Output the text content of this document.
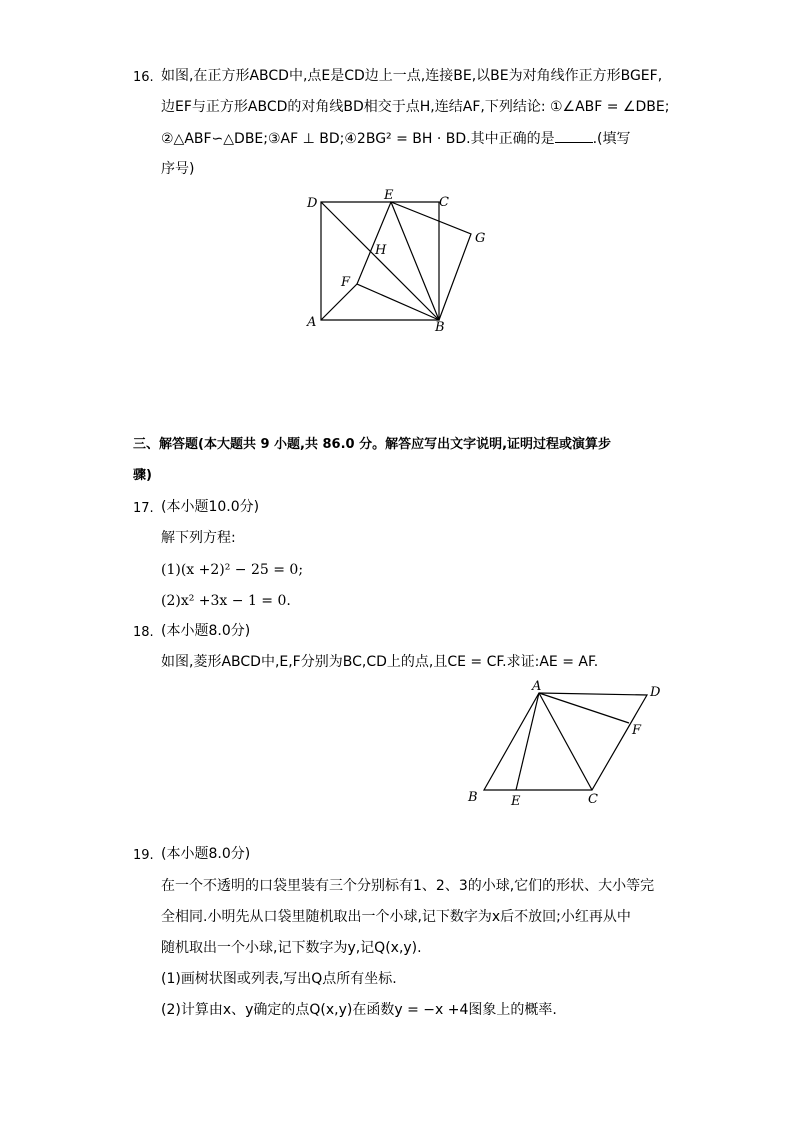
16. 如图,在正方形ABCD中,点E是CD边上一点,连接BE,以BE为对角线作正方形BGEF,
边EF与正方形ABCD的对角线BD相交于点H,连结AF,下列结论: ①∠ABF = ∠DBE;
②△ABF∽△DBE;③AF ⊥ BD;④2BG² = BH · BD.其中正确的是	.(填写
序号)
D
E	C
G
H
F
A	B
三、解答题(本大题共 9 小题,共 86.0 分。解答应写出文字说明,证明过程或演算步
骤)
17. (本小题10.0分)
解下列方程:
(1)(x +2)² − 25 = 0;
(2)x² +3x − 1 = 0.
18. (本小题8.0分)
如图,菱形ABCD中,E,F分别为BC,CD上的点,且CE = CF.求证:AE = AF.
A	D
F
B	E	C
19. (本小题8.0分)
在一个不透明的口袋里装有三个分别标有1、2、3的小球,它们的形状、大小等完
全相同.小明先从口袋里随机取出一个小球,记下数字为x后不放回;小红再从中
随机取出一个小球,记下数字为y,记Q(x,y).
(1)画树状图或列表,写出Q点所有坐标.
(2)计算由x、y确定的点Q(x,y)在函数y = −x +4图象上的概率.
